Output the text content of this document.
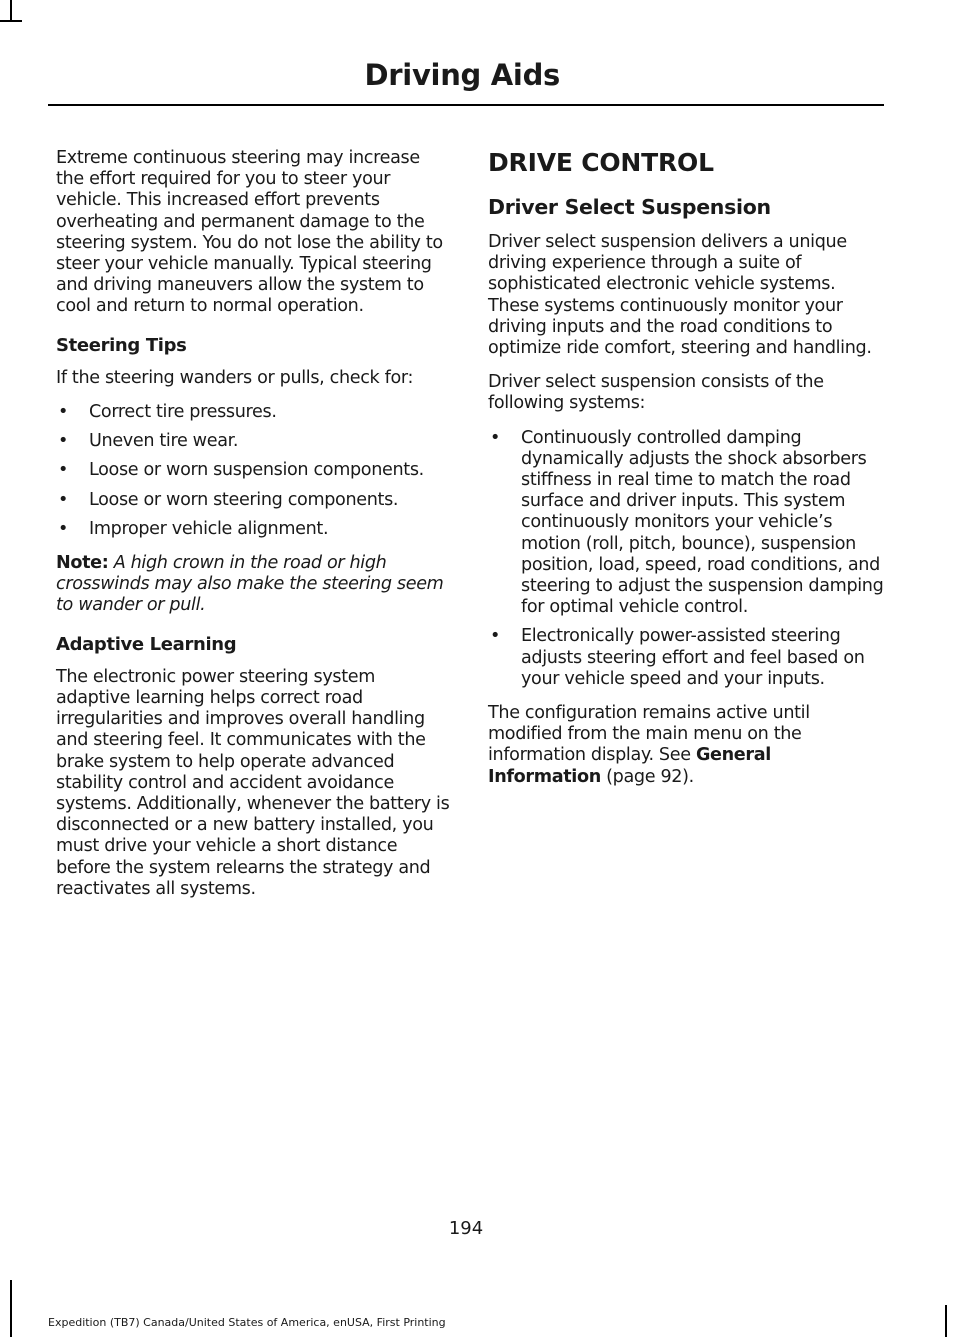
Driving Aids

Extreme continuous steering may increase the effort required for you to steer your vehicle. This increased effort prevents overheating and permanent damage to the steering system. You do not lose the ability to steer your vehicle manually. Typical steering and driving maneuvers allow the system to cool and return to normal operation.

Steering Tips

If the steering wanders or pulls, check for:

• Correct tire pressures.
• Uneven tire wear.
• Loose or worn suspension components.
• Loose or worn steering components.
• Improper vehicle alignment.

Note: A high crown in the road or high crosswinds may also make the steering seem to wander or pull.

Adaptive Learning

The electronic power steering system adaptive learning helps correct road irregularities and improves overall handling and steering feel. It communicates with the brake system to help operate advanced stability control and accident avoidance systems. Additionally, whenever the battery is disconnected or a new battery installed, you must drive your vehicle a short distance before the system relearns the strategy and reactivates all systems.

DRIVE CONTROL
Driver Select Suspension

Driver select suspension delivers a unique driving experience through a suite of sophisticated electronic vehicle systems. These systems continuously monitor your driving inputs and the road conditions to optimize ride comfort, steering and handling.

Driver select suspension consists of the following systems:

• Continuously controlled damping dynamically adjusts the shock absorbers stiffness in real time to match the road surface and driver inputs. This system continuously monitors your vehicle’s motion (roll, pitch, bounce), suspension position, load, speed, road conditions, and steering to adjust the suspension damping for optimal vehicle control.
• Electronically power-assisted steering adjusts steering effort and feel based on your vehicle speed and your inputs.

The configuration remains active until modified from the main menu on the information display. See General Information (page 92).

194
Expedition (TB7) Canada/United States of America, enUSA, First Printing
